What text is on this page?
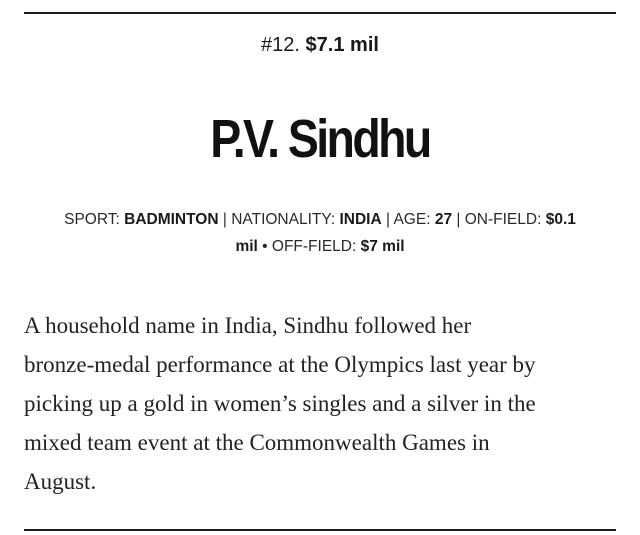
#12. $7.1 mil
P.V. Sindhu
SPORT: BADMINTON | NATIONALITY: INDIA | AGE: 27 | ON-FIELD: $0.1
mil • OFF-FIELD: $7 mil
A household name in India, Sindhu followed her
bronze-medal performance at the Olympics last year by
picking up a gold in women’s singles and a silver in the
mixed team event at the Commonwealth Games in
August.
